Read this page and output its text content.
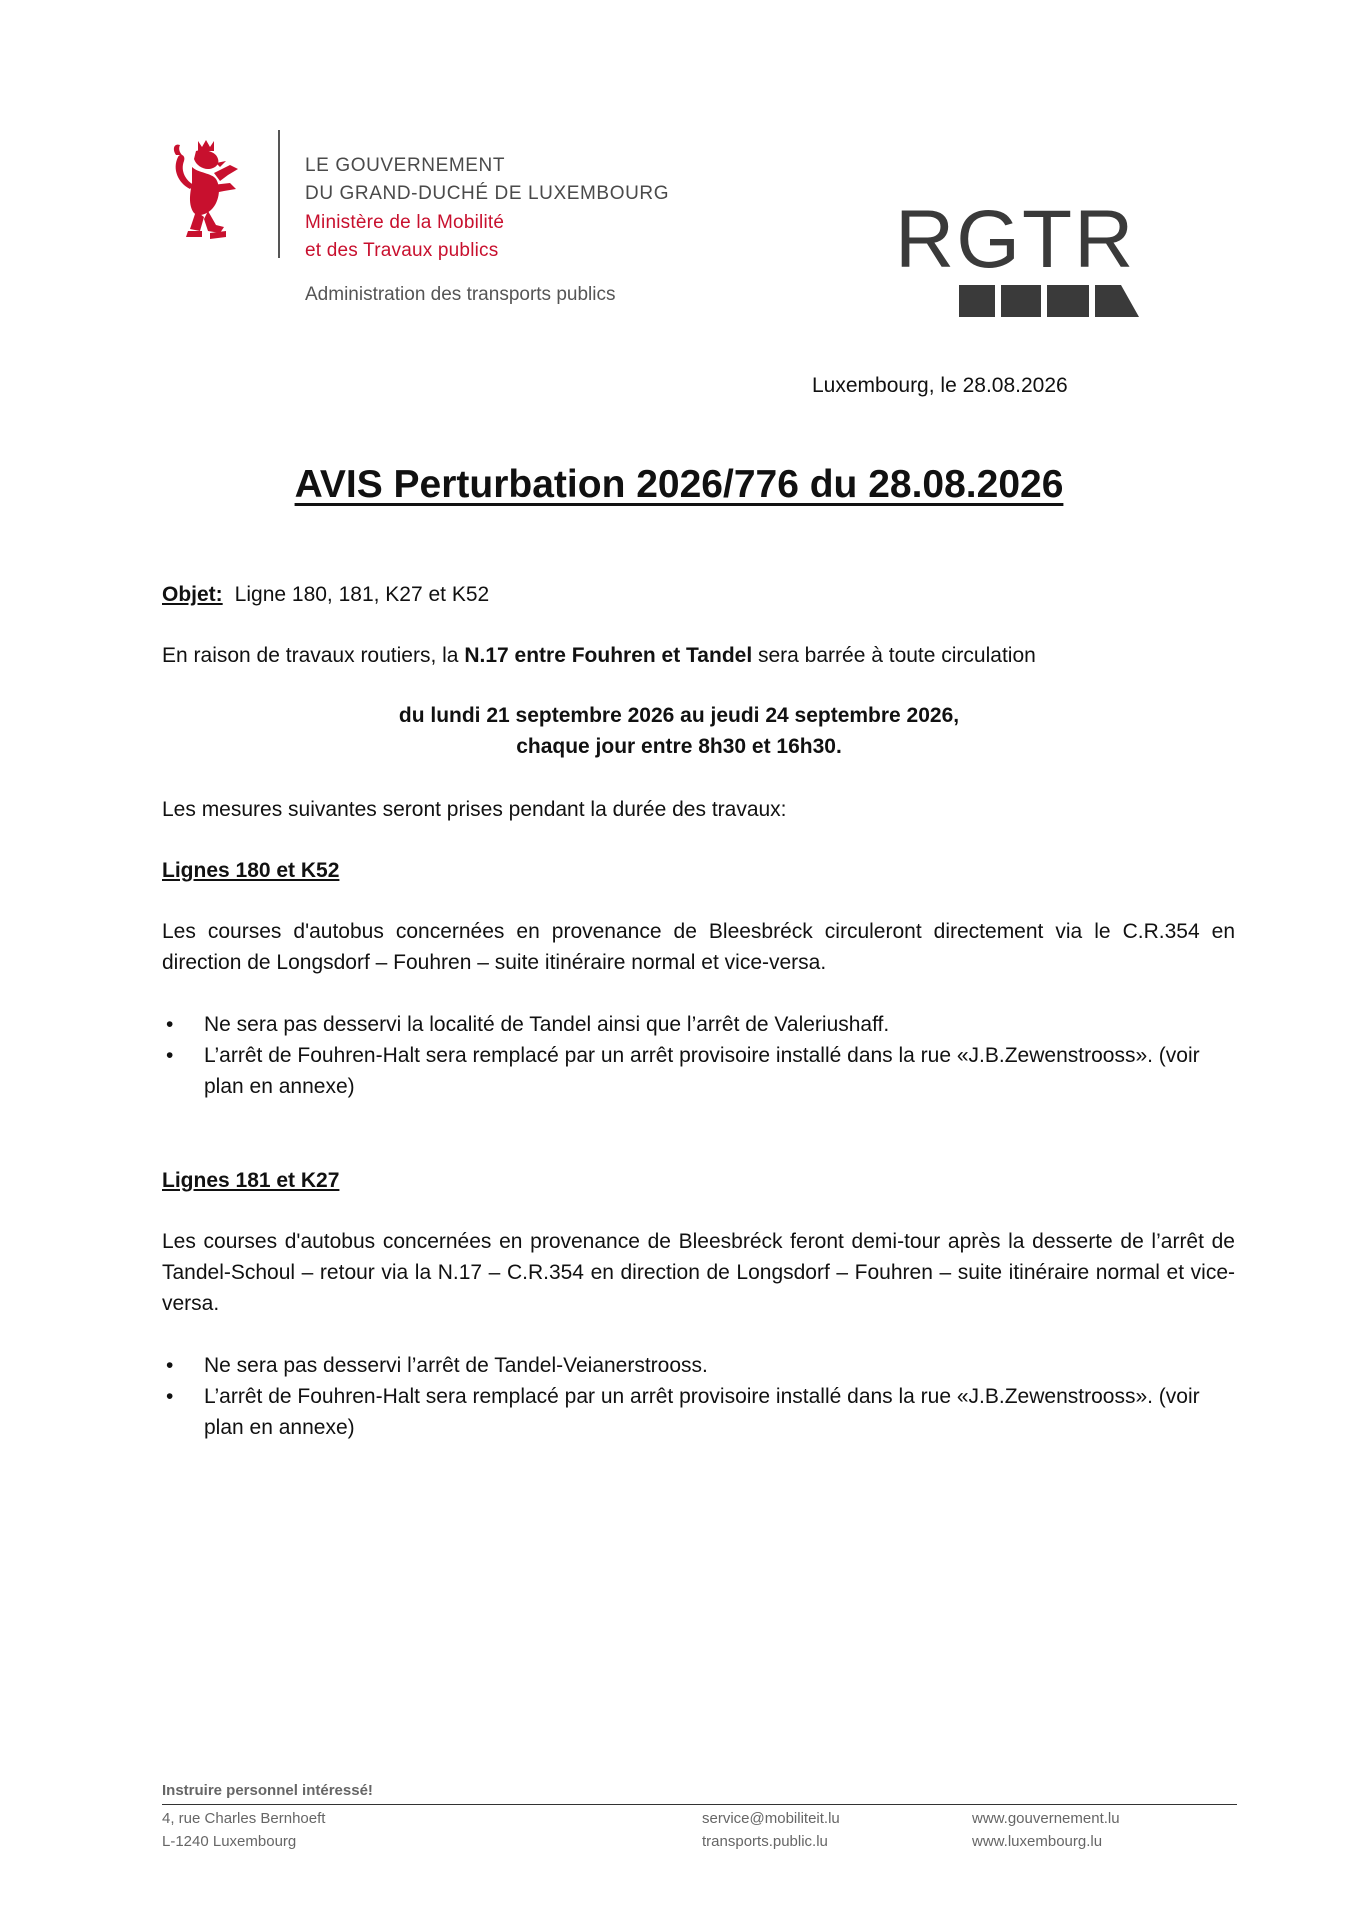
LE GOUVERNEMENT
DU GRAND-DUCHÉ DE LUXEMBOURG
Ministère de la Mobilité
et des Travaux publics
Administration des transports publics
RGTR
Luxembourg, le 28.08.2026
AVIS Perturbation 2026/776 du 28.08.2026
Objet: Ligne 180, 181, K27 et K52
En raison de travaux routiers, la N.17 entre Fouhren et Tandel sera barrée à toute circulation
du lundi 21 septembre 2026 au jeudi 24 septembre 2026,
chaque jour entre 8h30 et 16h30.
Les mesures suivantes seront prises pendant la durée des travaux:
Lignes 180 et K52
Les courses d'autobus concernées en provenance de Bleesbréck circuleront directement via le C.R.354 en direction de Longsdorf – Fouhren – suite itinéraire normal et vice-versa.
• Ne sera pas desservi la localité de Tandel ainsi que l’arrêt de Valeriushaff.
• L’arrêt de Fouhren-Halt sera remplacé par un arrêt provisoire installé dans la rue «J.B.Zewenstrooss». (voir plan en annexe)
Lignes 181 et K27
Les courses d'autobus concernées en provenance de Bleesbréck feront demi-tour après la desserte de l’arrêt de Tandel-Schoul – retour via la N.17 – C.R.354 en direction de Longsdorf – Fouhren – suite itinéraire normal et vice-versa.
• Ne sera pas desservi l’arrêt de Tandel-Veianerstrooss.
• L’arrêt de Fouhren-Halt sera remplacé par un arrêt provisoire installé dans la rue «J.B.Zewenstrooss». (voir plan en annexe)
Instruire personnel intéressé!
4, rue Charles Bernhoeft
L-1240 Luxembourg
service@mobiliteit.lu
transports.public.lu
www.gouvernement.lu
www.luxembourg.lu
